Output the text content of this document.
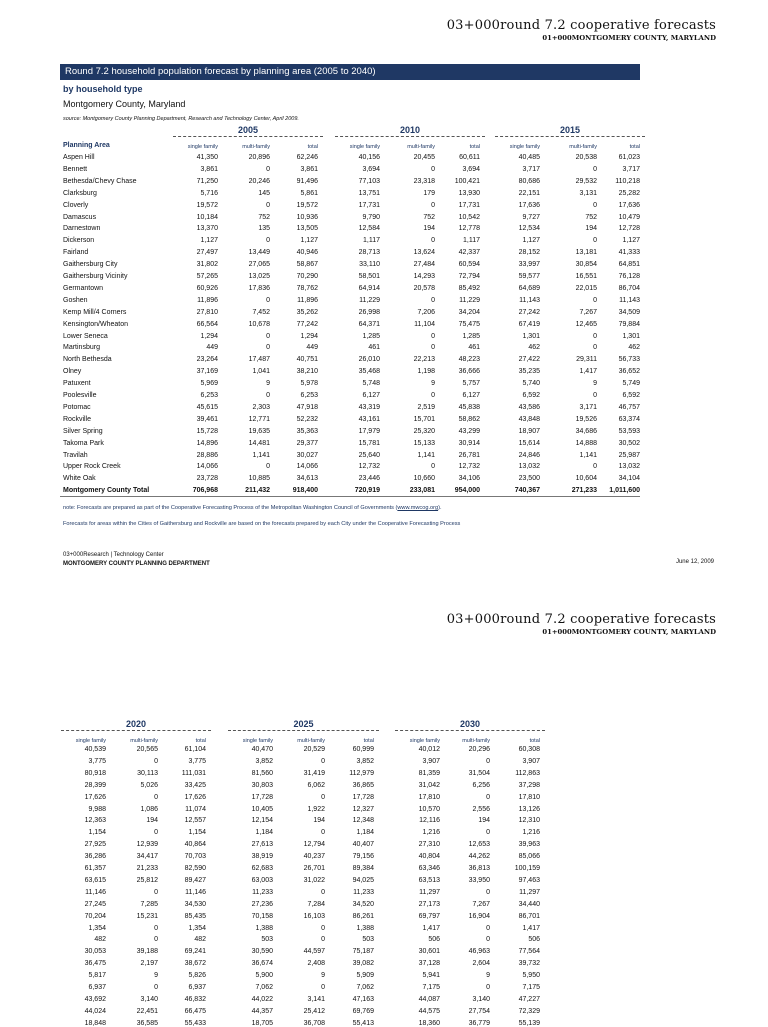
03+000round 7.2 cooperative forecasts
01+000MONTGOMERY COUNTY, MARYLAND
Round 7.2 household population forecast by planning area (2005 to 2040)
by household type
Montgomery County, Maryland
source: Montgomery County Planning Department, Research and Technology Center, April 2009.
2005
single family	multi-family	total
2010
single family	multi-family	total
2015
single family	multi-family	total
Planning Area
Aspen Hill	41,350	20,896	62,246	40,156	20,455	60,611	40,485	20,538	61,023
Bennett	3,861	0	3,861	3,694	0	3,694	3,717	0	3,717
Bethesda/Chevy Chase	71,250	20,246	91,496	77,103	23,318	100,421	80,686	29,532	110,218
Clarksburg	5,716	145	5,861	13,751	179	13,930	22,151	3,131	25,282
Cloverly	19,572	0	19,572	17,731	0	17,731	17,636	0	17,636
Damascus	10,184	752	10,936	9,790	752	10,542	9,727	752	10,479
Darnestown	13,370	135	13,505	12,584	194	12,778	12,534	194	12,728
Dickerson	1,127	0	1,127	1,117	0	1,117	1,127	0	1,127
Fairland	27,497	13,449	40,946	28,713	13,624	42,337	28,152	13,181	41,333
Gaithersburg City	31,802	27,065	58,867	33,110	27,484	60,594	33,997	30,854	64,851
Gaithersburg Vicinity	57,265	13,025	70,290	58,501	14,293	72,794	59,577	16,551	76,128
Germantown	60,926	17,836	78,762	64,914	20,578	85,492	64,689	22,015	86,704
Goshen	11,896	0	11,896	11,229	0	11,229	11,143	0	11,143
Kemp Mill/4 Corners	27,810	7,452	35,262	26,998	7,206	34,204	27,242	7,267	34,509
Kensington/Wheaton	66,564	10,678	77,242	64,371	11,104	75,475	67,419	12,465	79,884
Lower Seneca	1,294	0	1,294	1,285	0	1,285	1,301	0	1,301
Martinsburg	449	0	449	461	0	461	462	0	462
North Bethesda	23,264	17,487	40,751	26,010	22,213	48,223	27,422	29,311	56,733
Olney	37,169	1,041	38,210	35,468	1,198	36,666	35,235	1,417	36,652
Patuxent	5,969	9	5,978	5,748	9	5,757	5,740	9	5,749
Poolesville	6,253	0	6,253	6,127	0	6,127	6,592	0	6,592
Potomac	45,615	2,303	47,918	43,319	2,519	45,838	43,586	3,171	46,757
Rockville	39,461	12,771	52,232	43,161	15,701	58,862	43,848	19,526	63,374
Silver Spring	15,728	19,635	35,363	17,979	25,320	43,299	18,907	34,686	53,593
Takoma Park	14,896	14,481	29,377	15,781	15,133	30,914	15,614	14,888	30,502
Travilah	28,886	1,141	30,027	25,640	1,141	26,781	24,846	1,141	25,987
Upper Rock Creek	14,066	0	14,066	12,732	0	12,732	13,032	0	13,032
White Oak	23,728	10,885	34,613	23,446	10,660	34,106	23,500	10,604	34,104
Montgomery County Total	706,968	211,432	918,400	720,919	233,081	954,000	740,367	271,233	1,011,600
note: Forecasts are prepared as part of the Cooperative Forecasting Process of the Metropolitan Washington Council of Governments (www.mwcog.org).
Forecasts for areas within the Cities of Gaithersburg and Rockville are based on the forecasts prepared by each City under the Cooperative Forecasting Process
03+000Research | Technology Center
MONTGOMERY COUNTY PLANNING DEPARTMENT	June 12, 2009
03+000round 7.2 cooperative forecasts
01+000MONTGOMERY COUNTY, MARYLAND
2020
single family	multi-family	total
2025
single family	multi-family	total
2030
single family	multi-family	total
40,539	20,565	61,104	40,470	20,529	60,999	40,012	20,296	60,308
3,775	0	3,775	3,852	0	3,852	3,907	0	3,907
80,918	30,113	111,031	81,560	31,419	112,979	81,359	31,504	112,863
28,399	5,026	33,425	30,803	6,062	36,865	31,042	6,256	37,298
17,626	0	17,626	17,728	0	17,728	17,810	0	17,810
9,988	1,086	11,074	10,405	1,922	12,327	10,570	2,556	13,126
12,363	194	12,557	12,154	194	12,348	12,116	194	12,310
1,154	0	1,154	1,184	0	1,184	1,216	0	1,216
27,925	12,939	40,864	27,613	12,794	40,407	27,310	12,653	39,963
36,286	34,417	70,703	38,919	40,237	79,156	40,804	44,262	85,066
61,357	21,233	82,590	62,683	26,701	89,384	63,346	36,813	100,159
63,615	25,812	89,427	63,003	31,022	94,025	63,513	33,950	97,463
11,146	0	11,146	11,233	0	11,233	11,297	0	11,297
27,245	7,285	34,530	27,236	7,284	34,520	27,173	7,267	34,440
70,204	15,231	85,435	70,158	16,103	86,261	69,797	16,904	86,701
1,354	0	1,354	1,388	0	1,388	1,417	0	1,417
482	0	482	503	0	503	506	0	506
30,053	39,188	69,241	30,590	44,597	75,187	30,601	46,963	77,564
36,475	2,197	38,672	36,674	2,408	39,082	37,128	2,604	39,732
5,817	9	5,826	5,900	9	5,909	5,941	9	5,950
6,937	0	6,937	7,062	0	7,062	7,175	0	7,175
43,692	3,140	46,832	44,022	3,141	47,163	44,087	3,140	47,227
44,024	22,451	66,475	44,357	25,412	69,769	44,575	27,754	72,329
18,848	36,585	55,433	18,705	36,708	55,413	18,360	36,779	55,139
